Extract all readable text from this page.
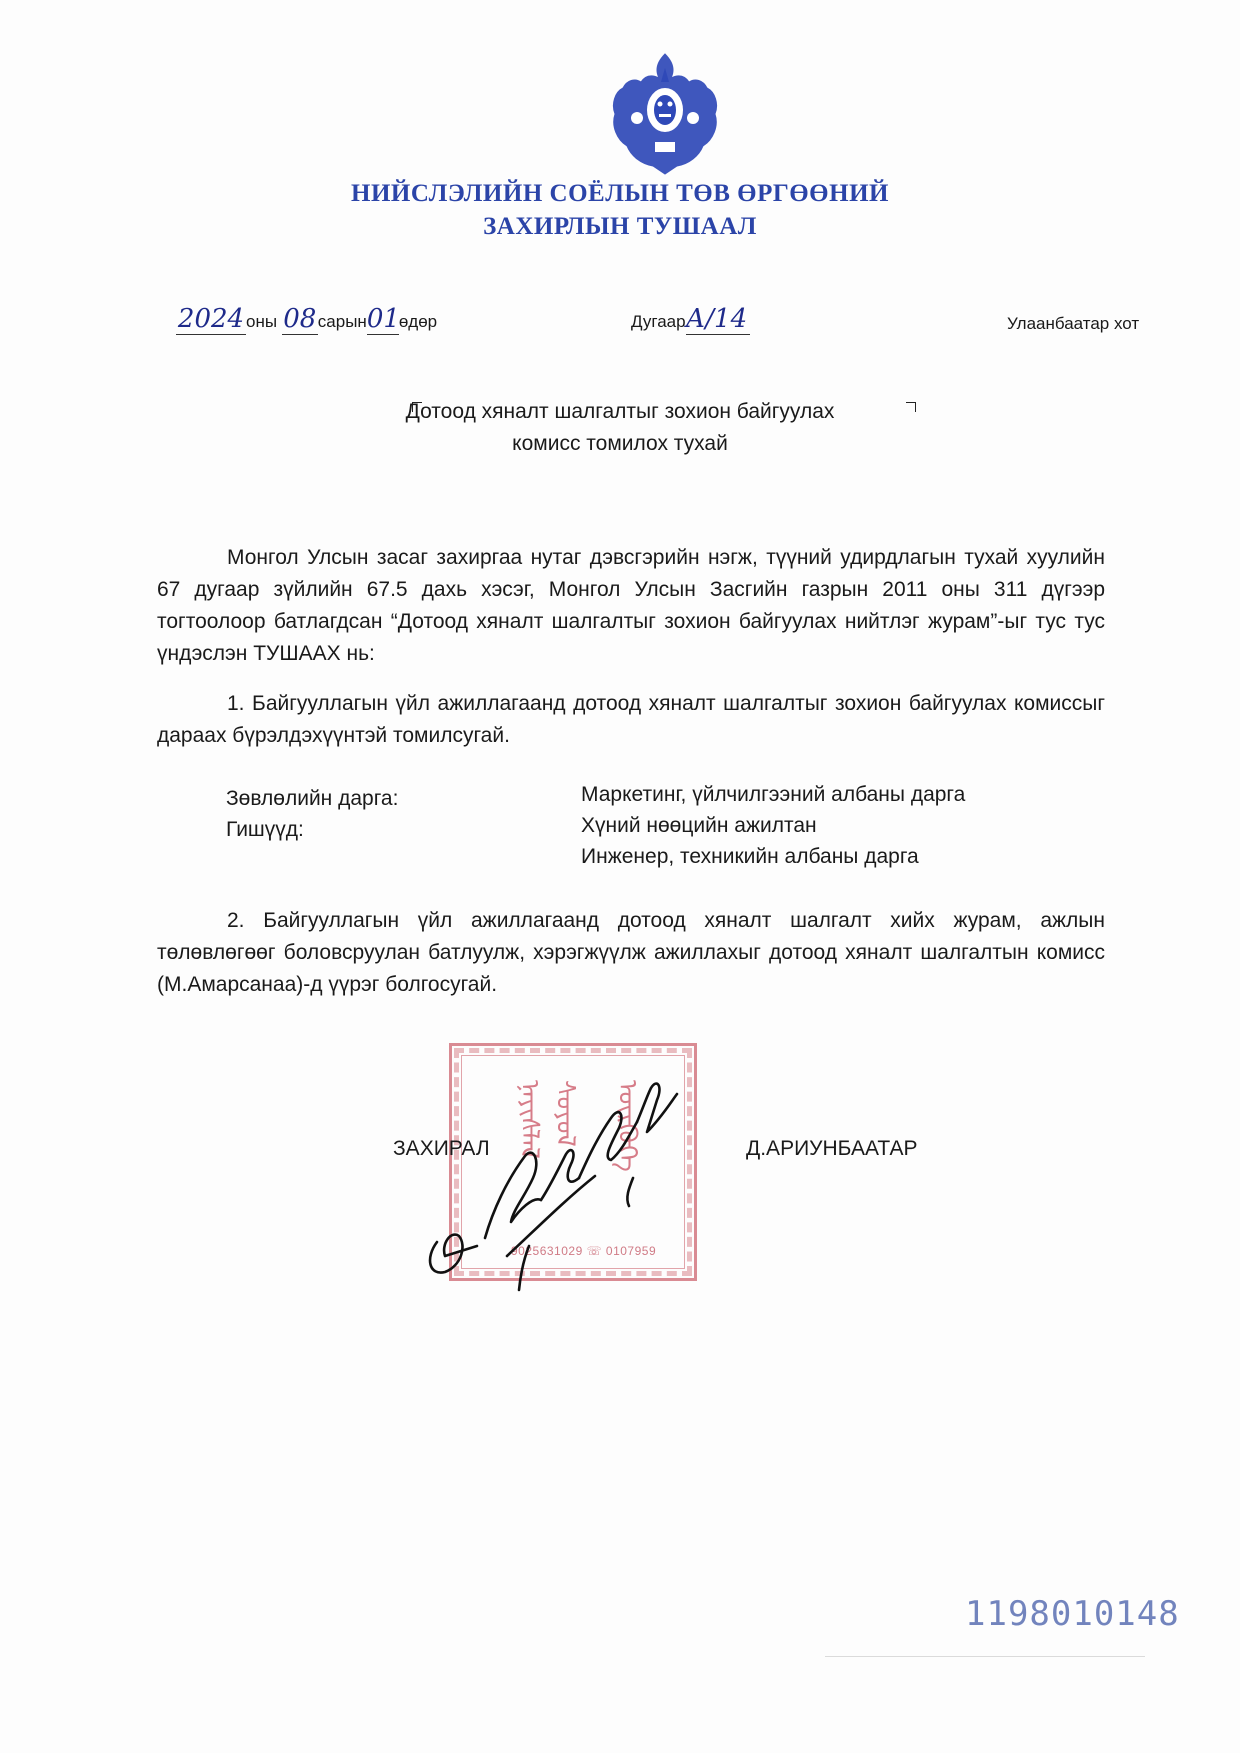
НИЙСЛЭЛИЙН СОЁЛЫН ТӨВ ӨРГӨӨНИЙ
ЗАХИРЛЫН ТУШААЛ
2024 оны 08сарын01өдөр	ДугаарА/14	Улаанбаатар хот
Дотоод хяналт шалгалтыг зохион байгуулах
комисс томилох тухай
Монгол Улсын засаг захиргаа нутаг дэвсгэрийн нэгж, түүний удирдлагын тухай хуулийн 67 дугаар зүйлийн 67.5 дахь хэсэг, Монгол Улсын Засгийн газрын 2011 оны 311 дүгээр тогтоолоор батлагдсан “Дотоод хяналт шалгалтыг зохион байгуулах нийтлэг журам”-ыг тус тус үндэслэн ТУШААХ нь:
1. Байгууллагын үйл ажиллагаанд дотоод хяналт шалгалтыг зохион байгуулах комиссыг дараах бүрэлдэхүүнтэй томилсугай.
Зөвлөлийн дарга:	Маркетинг, үйлчилгээний албаны дарга
Гишүүд:	Хүний нөөцийн ажилтан
Инженер, техникийн албаны дарга
2. Байгууллагын үйл ажиллагаанд дотоод хяналт шалгалт хийх журам, ажлын төлөвлөгөөг боловсруулан батлуулж, хэрэгжүүлж ажиллахыг дотоод хяналт шалгалтын комисс (М.Амарсанаа)-д үүрэг болгосугай.
ᠨᠡᠶᠢᠰᠯᠡᠯ ᠰᠣᠶᠣᠯ	ᠥᠷᠭᠥᠭᠡ
9025631029 ☏ 0107959
ЗАХИРАЛ	Д.АРИУНБААТАР
1198010148
